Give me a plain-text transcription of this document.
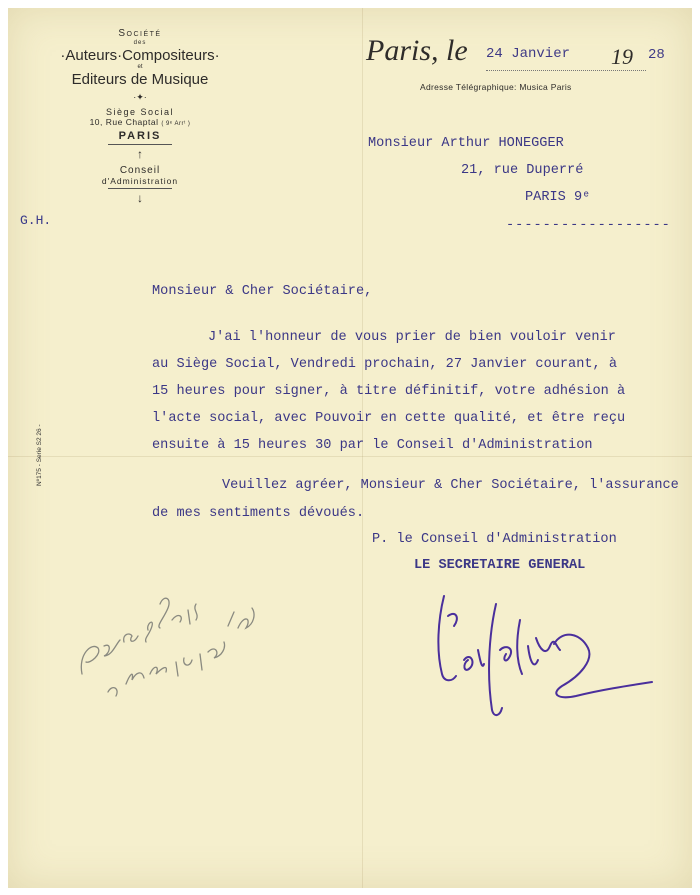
Société
des
·Auteurs·Compositeurs·
et
Editeurs de Musique
·✦·
Siège Social
10, Rue Chaptal ( 9ᵉ Arrᵗ )
PARIS
↑
Conseil
d'Administration
↓
G.H.
Paris, le 24 Janvier 19 28
Adresse Télégraphique: Musica Paris
Monsieur Arthur HONEGGER
21, rue Duperré
PARIS 9ᵉ
------------------
Monsieur & Cher Sociétaire,
J'ai l'honneur de vous prier de bien vouloir venir
au Siège Social, Vendredi prochain, 27 Janvier courant, à
15 heures pour signer, à titre définitif, votre adhésion à
l'acte social, avec Pouvoir en cette qualité, et être reçu
ensuite à 15 heures 30 par le Conseil d'Administration
Veuillez agréer, Monsieur & Cher Sociétaire, l'assurance
de mes sentiments dévoués.
P. le Conseil d'Administration
LE SECRETAIRE GENERAL
Nº175 - Serie S2 26 -
